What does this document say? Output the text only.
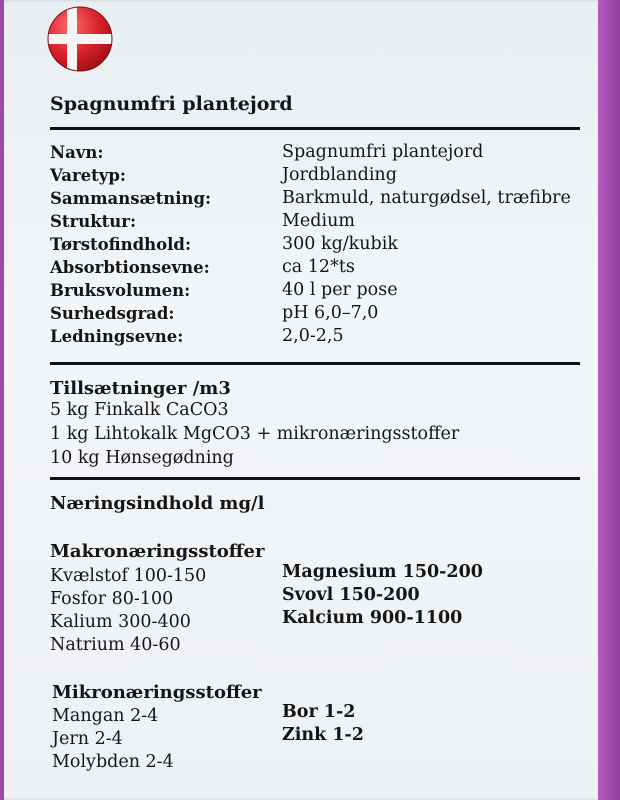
Spagnumfri plantejord
Navn:	Spagnumfri plantejord
Varetyp:	Jordblanding
Sammansætning:	Barkmuld, naturgødsel, træfibre
Struktur:	Medium
Tørstofindhold:	300 kg/kubik
Absorbtionsevne:	ca 12*ts
Bruksvolumen:	40 l per pose
Surhedsgrad:	pH 6,0–7,0
Ledningsevne:	2,0-2,5
Tillsætninger /m3
5 kg Finkalk CaCO3
1 kg Lihtokalk MgCO3 + mikronæringsstoffer
10 kg Hønsegødning
Næringsindhold mg/l
Makronæringsstoffer
Kvælstof 100-150
Fosfor 80-100
Kalium 300-400
Natrium 40-60
Magnesium 150-200
Svovl 150-200
Kalcium 900-1100
Mikronæringsstoffer
Mangan 2-4
Jern 2-4
Molybden 2-4
Bor 1-2
Zink 1-2
